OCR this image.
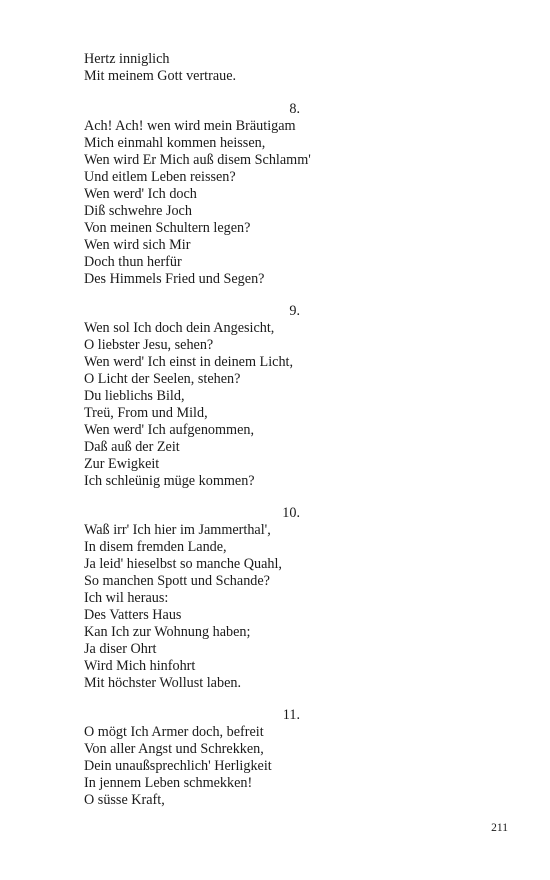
Hertz inniglich
Mit meinem Gott vertraue.
8.
Ach! Ach! wen wird mein Bräutigam
Mich einmahl kommen heissen,
Wen wird Er Mich auß disem Schlamm'
Und eitlem Leben reissen?
Wen werd' Ich doch
Diß schwehre Joch
Von meinen Schultern legen?
Wen wird sich Mir
Doch thun herfür
Des Himmels Fried und Segen?
9.
Wen sol Ich doch dein Angesicht,
O liebster Jesu, sehen?
Wen werd' Ich einst in deinem Licht,
O Licht der Seelen, stehen?
Du lieblichs Bild,
Treü, From und Mild,
Wen werd' Ich aufgenommen,
Daß auß der Zeit
Zur Ewigkeit
Ich schleünig müge kommen?
10.
Waß irr' Ich hier im Jammerthal',
In disem fremden Lande,
Ja leid' hieselbst so manche Quahl,
So manchen Spott und Schande?
Ich wil heraus:
Des Vatters Haus
Kan Ich zur Wohnung haben;
Ja diser Ohrt
Wird Mich hinfohrt
Mit höchster Wollust laben.
11.
O mögt Ich Armer doch, befreit
Von aller Angst und Schrekken,
Dein unaußsprechlich' Herligkeit
In jennem Leben schmekken!
O süsse Kraft,
211
